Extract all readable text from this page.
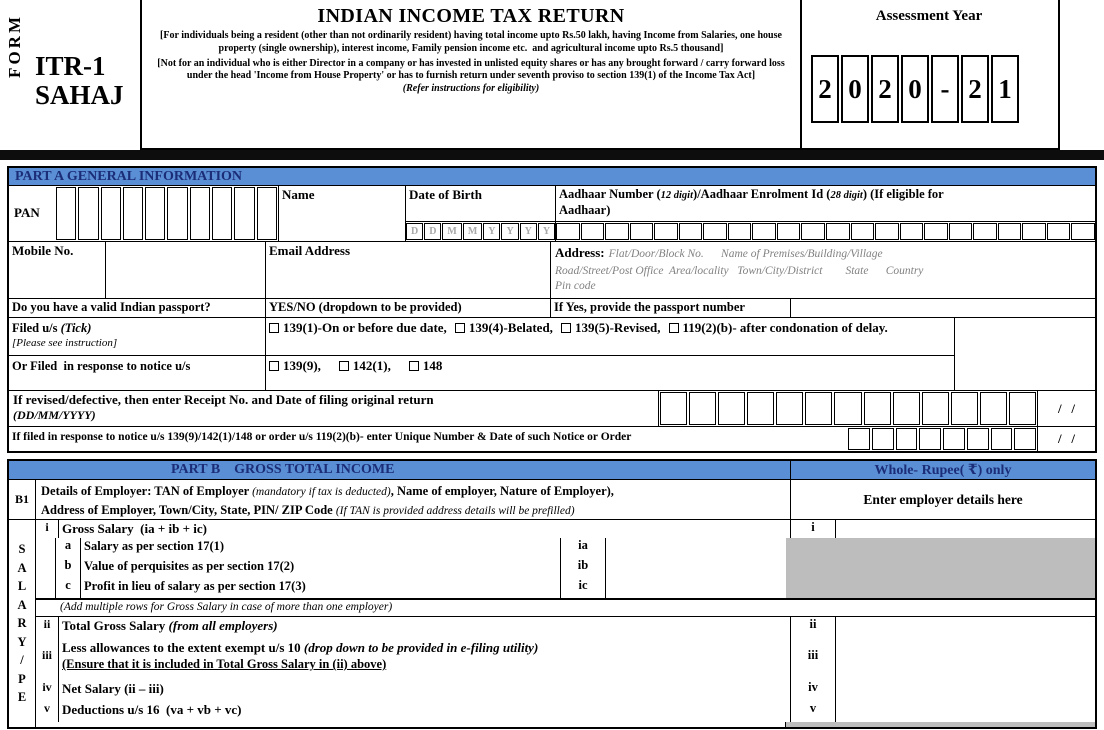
FORM ITR-1
SAHAJ
INDIAN INCOME TAX RETURN
[For individuals being a resident (other than not ordinarily resident) having total income upto Rs.50 lakh, having Income from Salaries, one house property (single ownership), interest income, Family pension income etc.  and agricultural income upto Rs.5 thousand]
[Not for an individual who is either Director in a company or has invested in unlisted equity shares or has any brought forward / carry forward loss under the head 'Income from House Property' or has to furnish return under seventh proviso to section 139(1) of the Income Tax Act]
(Refer instructions for eligibility)
Assessment Year
2 0 2 0 - 2 1
PART A GENERAL INFORMATION
PAN
Name	Date of Birth
D	D	M	M	Y	Y	Y	Y
Aadhaar Number (12 digit)/Aadhaar Enrolment Id (28 digit) (If eligible for
Aadhaar)
Mobile No.	Email Address	Address: Flat/Door/Block No.      Name of Premises/Building/Village
Road/Street/Post Office  Area/locality   Town/City/District        State      Country
Pin code
Do you have a valid Indian passport?	YES/NO (dropdown to be provided)	If Yes, provide the passport number
Filed u/s (Tick)
[Please see instruction]
Or Filed  in response to notice u/s
139(1)-On or before due date, 139(4)-Belated, 139(5)-Revised, 119(2)(b)- after condonation of delay.
139(9), 142(1), 148
If revised/defective, then enter Receipt No. and Date of filing original return
(DD/MM/YYYY)	/   /
If filed in response to notice u/s 139(9)/142(1)/148 or order u/s 119(2)(b)- enter Unique Number & Date of such Notice or Order	/   /
PART B GROSS TOTAL INCOME	Whole- Rupee( ₹) only
B1
Details of Employer: TAN of Employer (mandatory if tax is deducted), Name of employer, Nature of Employer),
Address of Employer, Town/City, State, PIN/ ZIP Code (If TAN is provided address details will be prefilled)
Enter employer details here
S
A
L
A
R
Y
/
P
E
i	Gross Salary  (ia + ib + ic)	i
a	Salary as per section 17(1)	ia
b	Value of perquisites as per section 17(2)	ib
c	Profit in lieu of salary as per section 17(3)	ic
(Add multiple rows for Gross Salary in case of more than one employer)
ii Total Gross Salary (from all employers)	ii
iii Less allowances to the extent exempt u/s 10 (drop down to be provided in e-filing utility)
(Ensure that it is included in Total Gross Salary in (ii) above)
iii
iv Net Salary (ii – iii)	iv
v Deductions u/s 16  (va + vb + vc)	v
